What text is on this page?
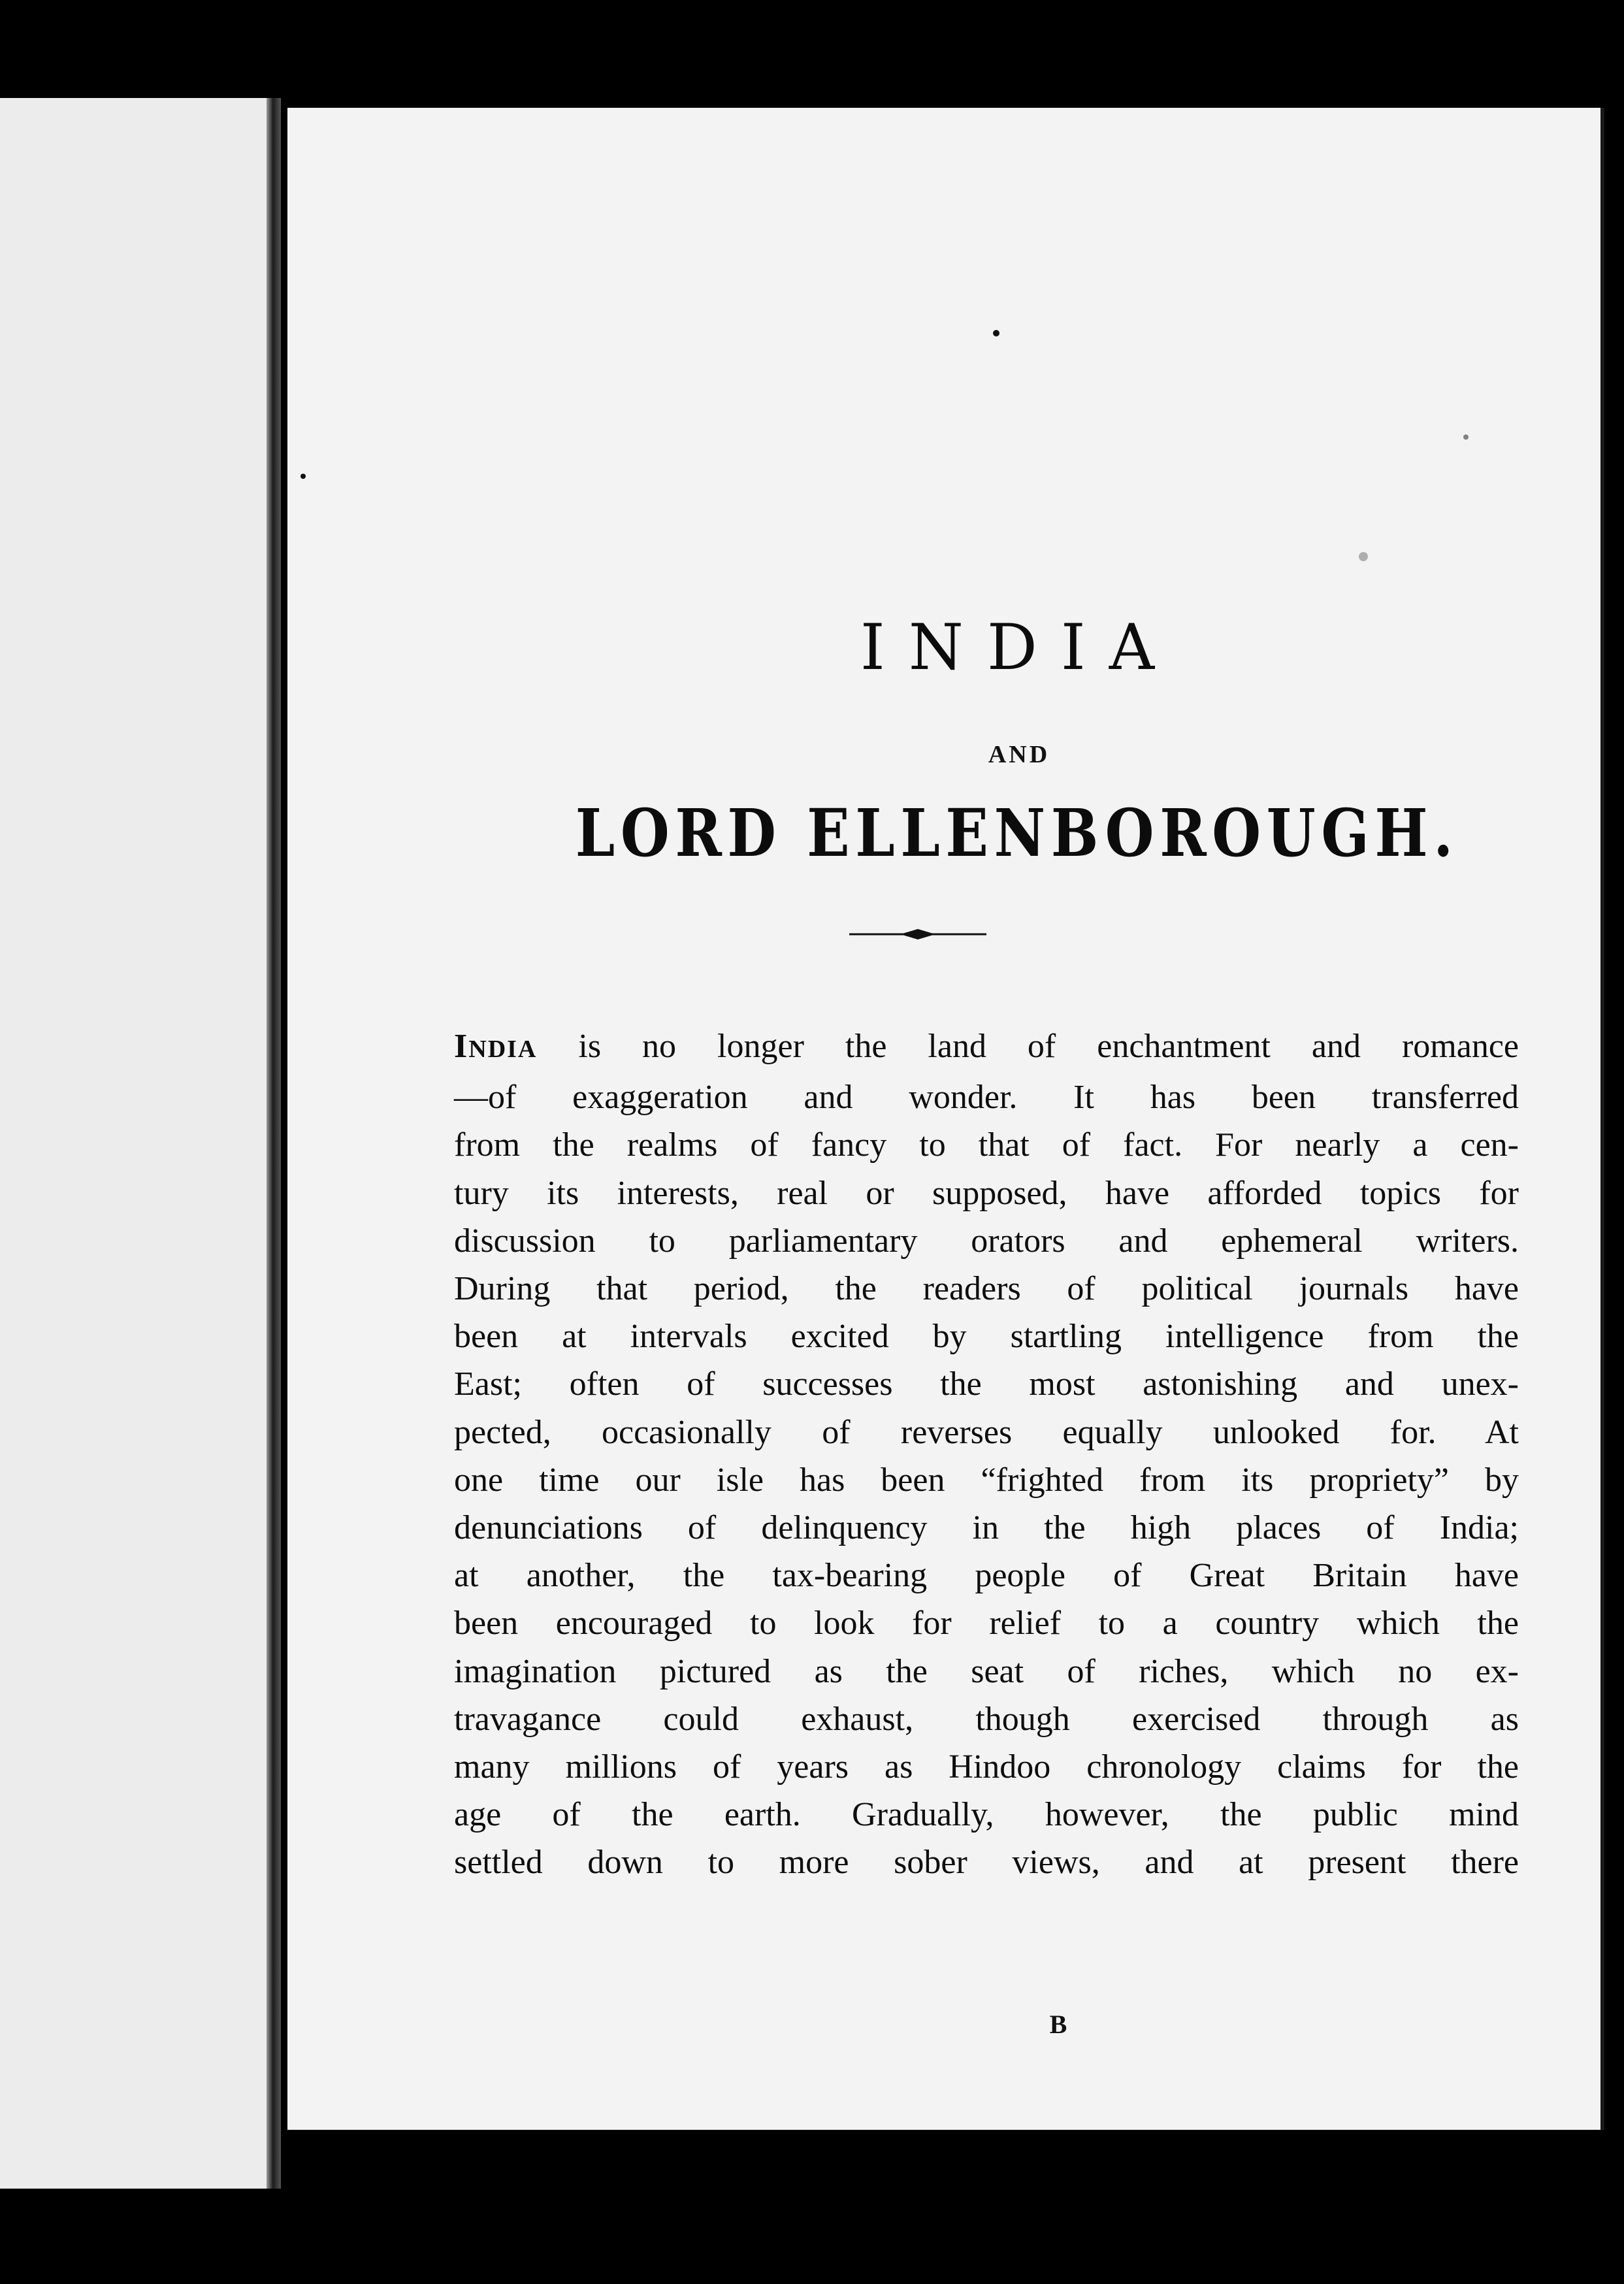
INDIA
AND
LORD ELLENBOROUGH.
INDIA is no longer the land of enchantment and romance
—of exaggeration and wonder. It has been transferred
from the realms of fancy to that of fact. For nearly a cen-
tury its interests, real or supposed, have afforded topics for
discussion to parliamentary orators and ephemeral writers.
During that period, the readers of political journals have
been at intervals excited by startling intelligence from the
East; often of successes the most astonishing and unex-
pected, occasionally of reverses equally unlooked for. At
one time our isle has been “frighted from its propriety” by
denunciations of delinquency in the high places of India;
at another, the tax-bearing people of Great Britain have
been encouraged to look for relief to a country which the
imagination pictured as the seat of riches, which no ex-
travagance could exhaust, though exercised through as
many millions of years as Hindoo chronology claims for the
age of the earth. Gradually, however, the public mind
settled down to more sober views, and at present there
B
